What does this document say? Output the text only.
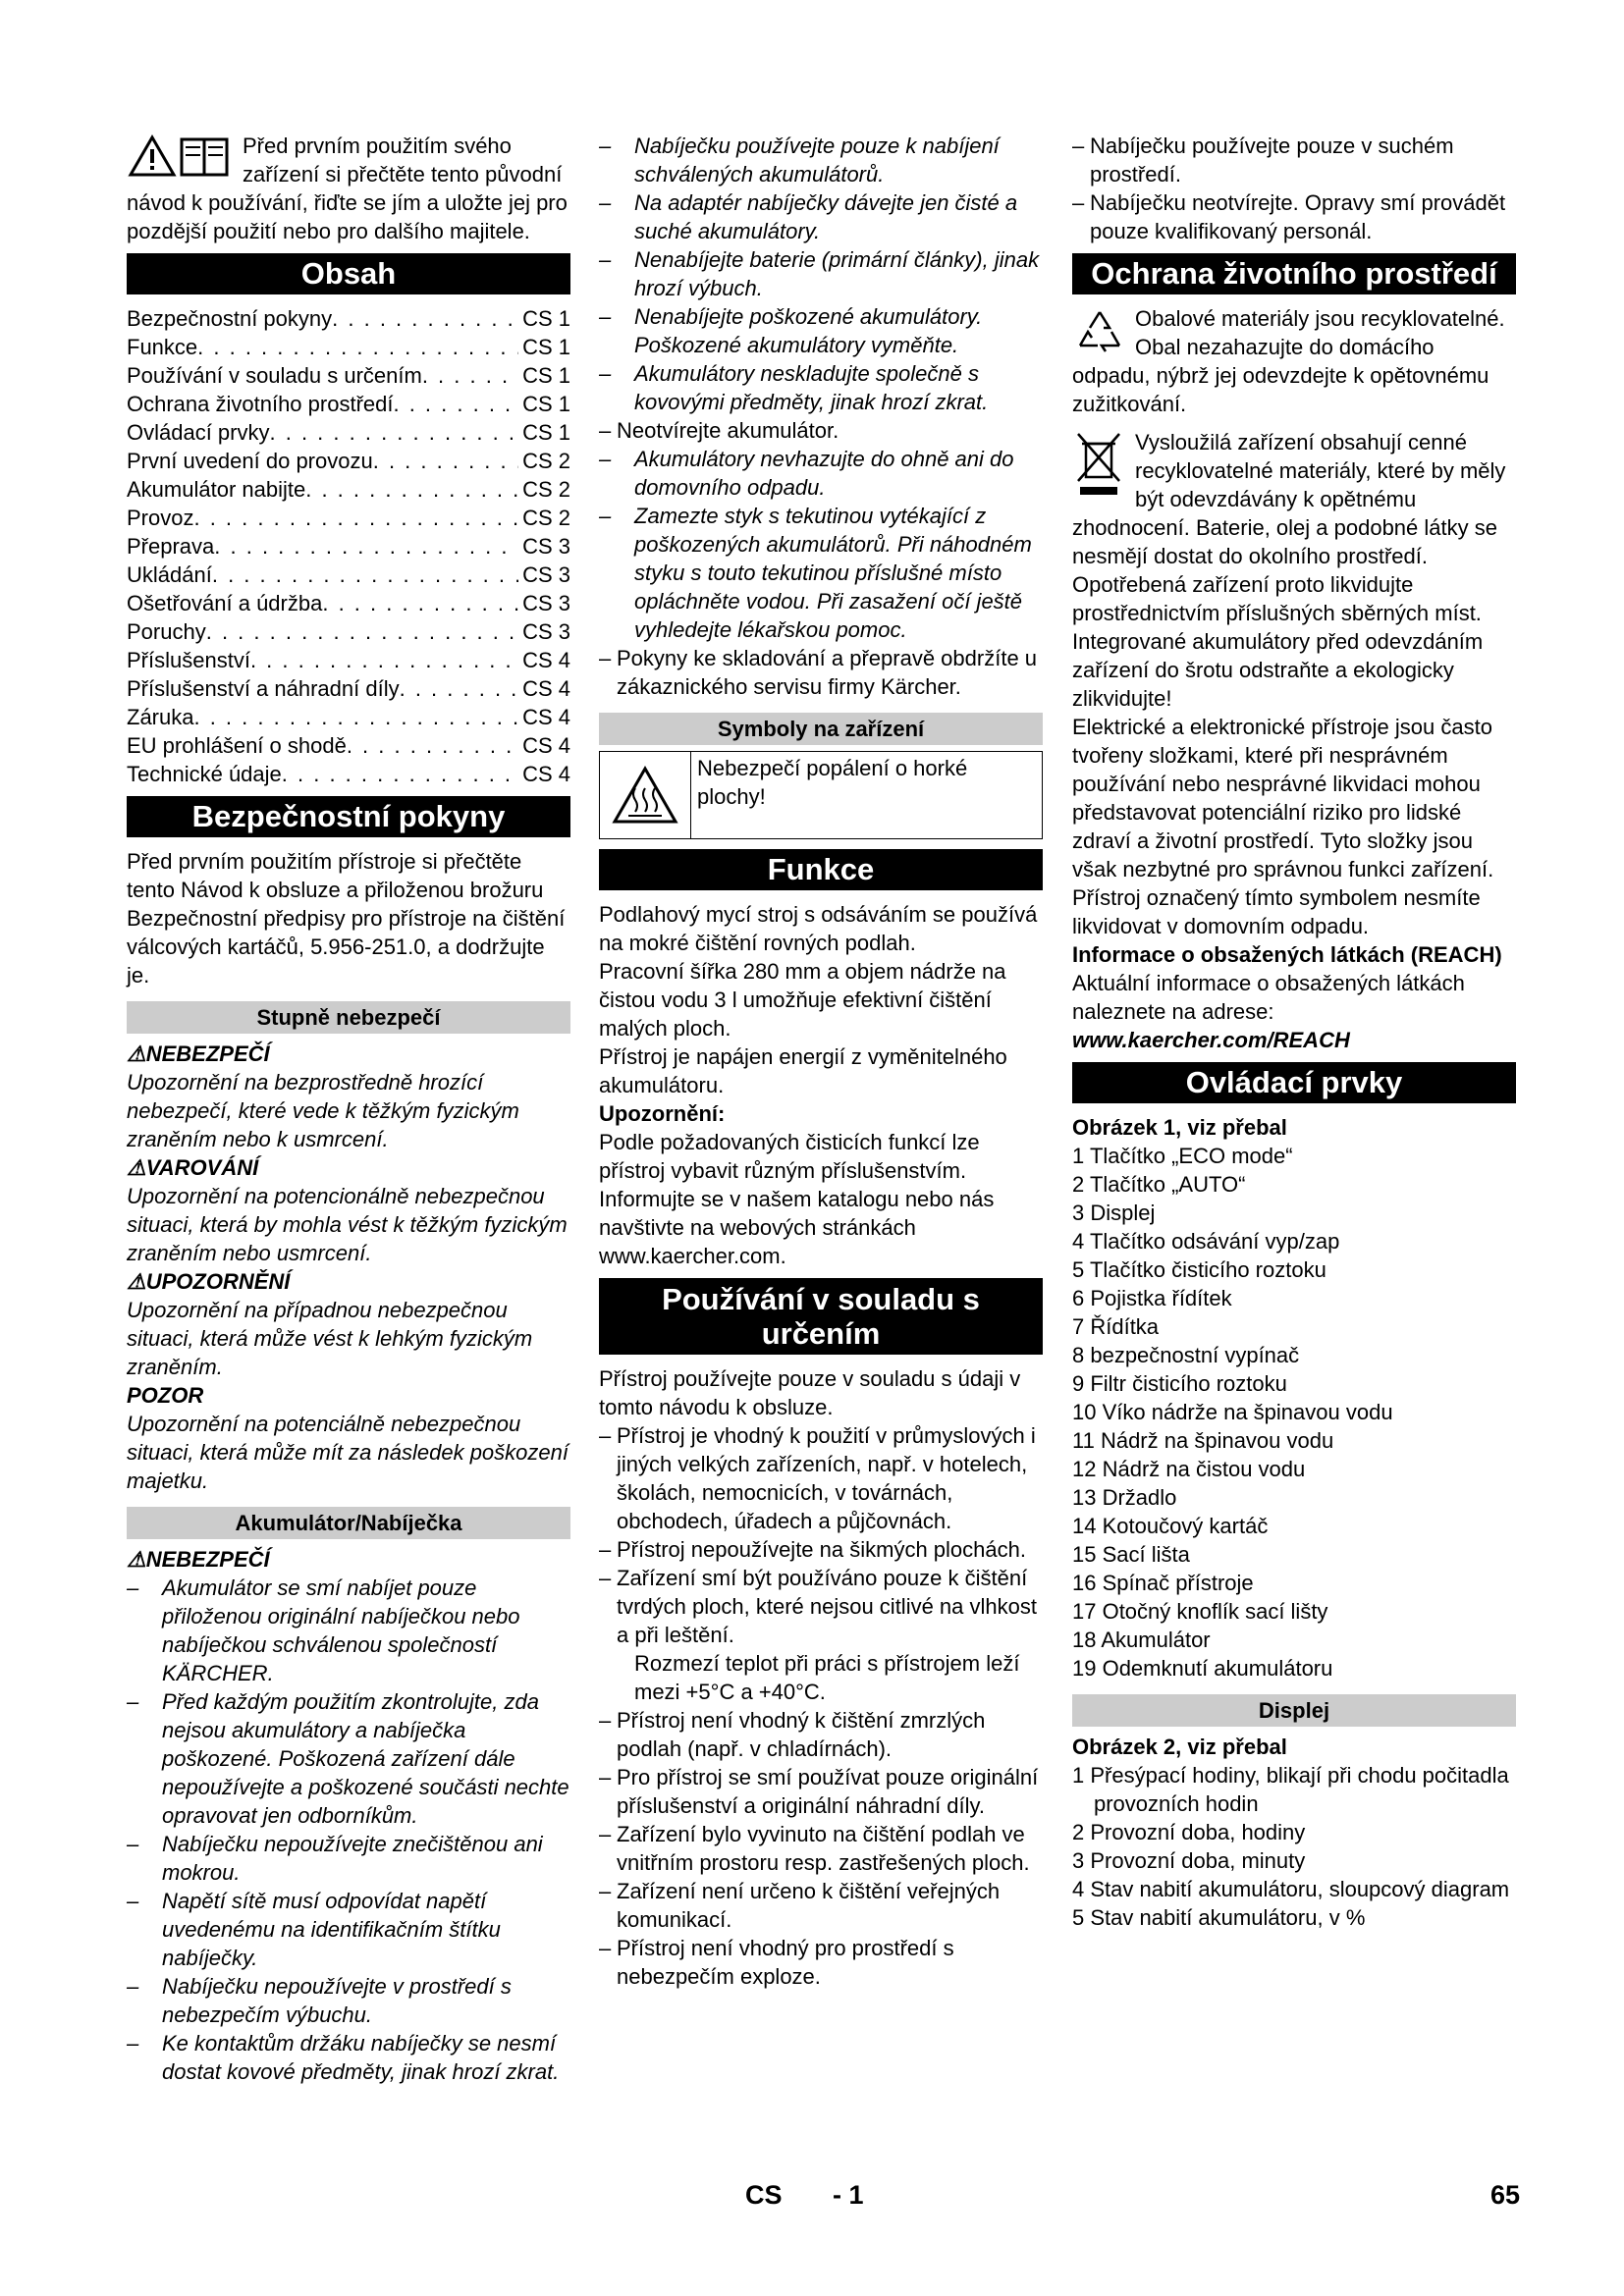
Před prvním použitím svého zařízení si přečtěte tento původní návod k používání, řiďte se jím a uložte jej pro pozdější použití nebo pro dalšího majitele.

Obsah
Bezpečnostní pokyny . . .	CS 1
Funkce . . .	CS 1
Používání v souladu s určením . . .	CS 1
Ochrana životního prostředí . . .	CS 1
Ovládací prvky . . .	CS 1
První uvedení do provozu . . .	CS 2
Akumulátor nabijte . . .	CS 2
Provoz . . .	CS 2
Přeprava . . .	CS 3
Ukládání . . .	CS 3
Ošetřování a údržba . . .	CS 3
Poruchy . . .	CS 3
Příslušenství . . .	CS 4
Příslušenství a náhradní díly . . .	CS 4
Záruka . . .	CS 4
EU prohlášení o shodě . . .	CS 4
Technické údaje . . .	CS 4
Bezpečnostní pokyny

Před prvním použitím přístroje si přečtěte tento Návod k obsluze a přiloženou brožuru Bezpečnostní předpisy pro přístroje na čištění válcových kartáčů, 5.956-251.0, a dodržujte je.

Stupně nebezpečí

⚠NEBEZPEČÍ

Upozornění na bezprostředně hrozící nebezpečí, které vede k těžkým fyzickým zraněním nebo k usmrcení.

⚠VAROVÁNÍ

Upozornění na potencionálně nebezpečnou situaci, která by mohla vést k těžkým fyzickým zraněním nebo usmrcení.

⚠UPOZORNĚNÍ

Upozornění na případnou nebezpečnou situaci, která může vést k lehkým fyzickým zraněním.

POZOR

Upozornění na potenciálně nebezpečnou situaci, která může mít za následek poškození majetku.

Akumulátor/Nabíječka

⚠NEBEZPEČÍ

– Akumulátor se smí nabíjet pouze přiloženou originální nabíječkou nebo nabíječkou schválenou společností KÄRCHER.

– Před každým použitím zkontrolujte, zda nejsou akumulátory a nabíječka poškozené. Poškozená zařízení dále nepoužívejte a poškozené součásti nechte opravovat jen odborníkům.

– Nabíječku nepoužívejte znečištěnou ani mokrou.

– Napětí sítě musí odpovídat napětí uvedenému na identifikačním štítku nabíječky.

– Nabíječku nepoužívejte v prostředí s nebezpečím výbuchu.

– Ke kontaktům držáku nabíječky se nesmí dostat kovové předměty, jinak hrozí zkrat.

– Nabíječku používejte pouze k nabíjení schválených akumulátorů.

– Na adaptér nabíječky dávejte jen čisté a suché akumulátory.

– Nenabíjejte baterie (primární články), jinak hrozí výbuch.

– Nenabíjejte poškozené akumulátory. Poškozené akumulátory vyměňte.

– Akumulátory neskladujte společně s kovovými předměty, jinak hrozí zkrat.

– Neotvírejte akumulátor.

– Akumulátory nevhazujte do ohně ani do domovního odpadu.

– Zamezte styk s tekutinou vytékající z poškozených akumulátorů. Při náhodném styku s touto tekutinou příslušné místo opláchněte vodou. Při zasažení očí ještě vyhledejte lékařskou pomoc.

– Pokyny ke skladování a přepravě obdržíte u zákaznického servisu firmy Kärcher.

Symboly na zařízení
Nebezpečí popálení o horké plochy!
Funkce

Podlahový mycí stroj s odsáváním se používá na mokré čištění rovných podlah.

Pracovní šířka 280 mm a objem nádrže na čistou vodu 3 l umožňuje efektivní čištění malých ploch.

Přístroj je napájen energií z vyměnitelného akumulátoru.

Upozornění:

Podle požadovaných čisticích funkcí lze přístroj vybavit různým příslušenstvím. Informujte se v našem katalogu nebo nás navštivte na webových stránkách www.kaercher.com.

Používání v souladu s určením

Přístroj používejte pouze v souladu s údaji v tomto návodu k obsluze.

– Přístroj je vhodný k použití v průmyslových i jiných velkých zařízeních, např. v hotelech, školách, nemocnicích, v továrnách, obchodech, úřadech a půjčovnách.

– Přístroj nepoužívejte na šikmých plochách.

– Zařízení smí být používáno pouze k čištění tvrdých ploch, které nejsou citlivé na vlhkost a při leštění.

Rozmezí teplot při práci s přístrojem leží mezi +5°C a +40°C.

– Přístroj není vhodný k čištění zmrzlých podlah (např. v chladírnách).

– Pro přístroj se smí používat pouze originální příslušenství a originální náhradní díly.

– Zařízení bylo vyvinuto na čištění podlah ve vnitřním prostoru resp. zastřešených ploch.

– Zařízení není určeno k čištění veřejných komunikací.

– Přístroj není vhodný pro prostředí s nebezpečím exploze.

– Nabíječku používejte pouze v suchém prostředí.

– Nabíječku neotvírejte. Opravy smí provádět pouze kvalifikovaný personál.

Ochrana životního prostředí

Obalové materiály jsou recyklovatelné. Obal nezahazujte do domácího odpadu, nýbrž jej odevzdejte k opětovnému zužitkování.

Vysloužilá zařízení obsahují cenné recyklovatelné materiály, které by měly být odevzdávány k opětnému zhodnocení. Baterie, olej a podobné látky se nesmějí dostat do okolního prostředí. Opotřebená zařízení proto likvidujte prostřednictvím příslušných sběrných míst.

Integrované akumulátory před odevzdáním zařízení do šrotu odstraňte a ekologicky zlikvidujte!

Elektrické a elektronické přístroje jsou často tvořeny složkami, které při nesprávném používání nebo nesprávné likvidaci mohou představovat potenciální riziko pro lidské zdraví a životní prostředí. Tyto složky jsou však nezbytné pro správnou funkci zařízení. Přístroj označený tímto symbolem nesmíte likvidovat v domovním odpadu.

Informace o obsažených látkách (REACH)

Aktuální informace o obsažených látkách naleznete na adrese:

www.kaercher.com/REACH

Ovládací prvky

Obrázek 1, viz přebal

1 Tlačítko „ECO mode“

2 Tlačítko „AUTO“

3 Displej

4 Tlačítko odsávání vyp/zap

5 Tlačítko čisticího roztoku

6 Pojistka řídítek

7 Řídítka

8 bezpečnostní vypínač

9 Filtr čisticího roztoku

10 Víko nádrže na špinavou vodu

11 Nádrž na špinavou vodu

12 Nádrž na čistou vodu

13 Držadlo

14 Kotoučový kartáč

15 Sací lišta

16 Spínač přístroje

17 Otočný knoflík sací lišty

18 Akumulátor

19 Odemknutí akumulátoru

Displej

Obrázek 2, viz přebal

1 Přesýpací hodiny, blikají při chodu počitadla provozních hodin

2 Provozní doba, hodiny

3 Provozní doba, minuty

4 Stav nabití akumulátoru, sloupcový diagram

5 Stav nabití akumulátoru, v %

CS - 1	65
